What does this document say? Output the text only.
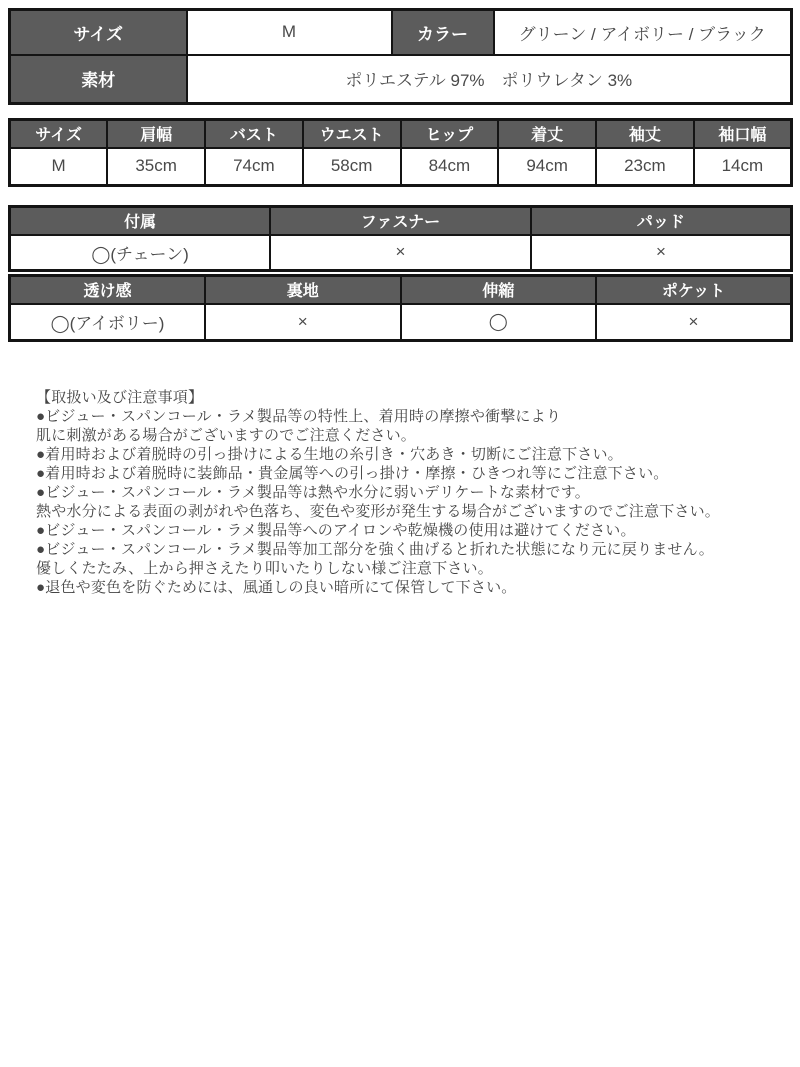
サイズ	M	カラー	グリーン / アイボリー / ブラック
素材	ポリエステル 97%　ポリウレタン 3%		
サイズ	肩幅	バスト	ウエスト	ヒップ	着丈	袖丈	袖口幅
M	35cm	74cm	58cm	84cm	94cm	23cm	14cm
付属	ファスナー	パッド
◯(チェーン)	×	×
透け感	裏地	伸縮	ポケット
◯(アイボリー)	×	◯	×
【取扱い及び注意事項】
●ビジュー・スパンコール・ラメ製品等の特性上、着用時の摩擦や衝撃により
肌に刺激がある場合がございますのでご注意ください。
●着用時および着脱時の引っ掛けによる生地の糸引き・穴あき・切断にご注意下さい。
●着用時および着脱時に装飾品・貴金属等への引っ掛け・摩擦・ひきつれ等にご注意下さい。
●ビジュー・スパンコール・ラメ製品等は熱や水分に弱いデリケートな素材です。
熱や水分による表面の剥がれや色落ち、変色や変形が発生する場合がございますのでご注意下さい。
●ビジュー・スパンコール・ラメ製品等へのアイロンや乾燥機の使用は避けてください。
●ビジュー・スパンコール・ラメ製品等加工部分を強く曲げると折れた状態になり元に戻りません。
優しくたたみ、上から押さえたり叩いたりしない様ご注意下さい。
●退色や変色を防ぐためには、風通しの良い暗所にて保管して下さい。
